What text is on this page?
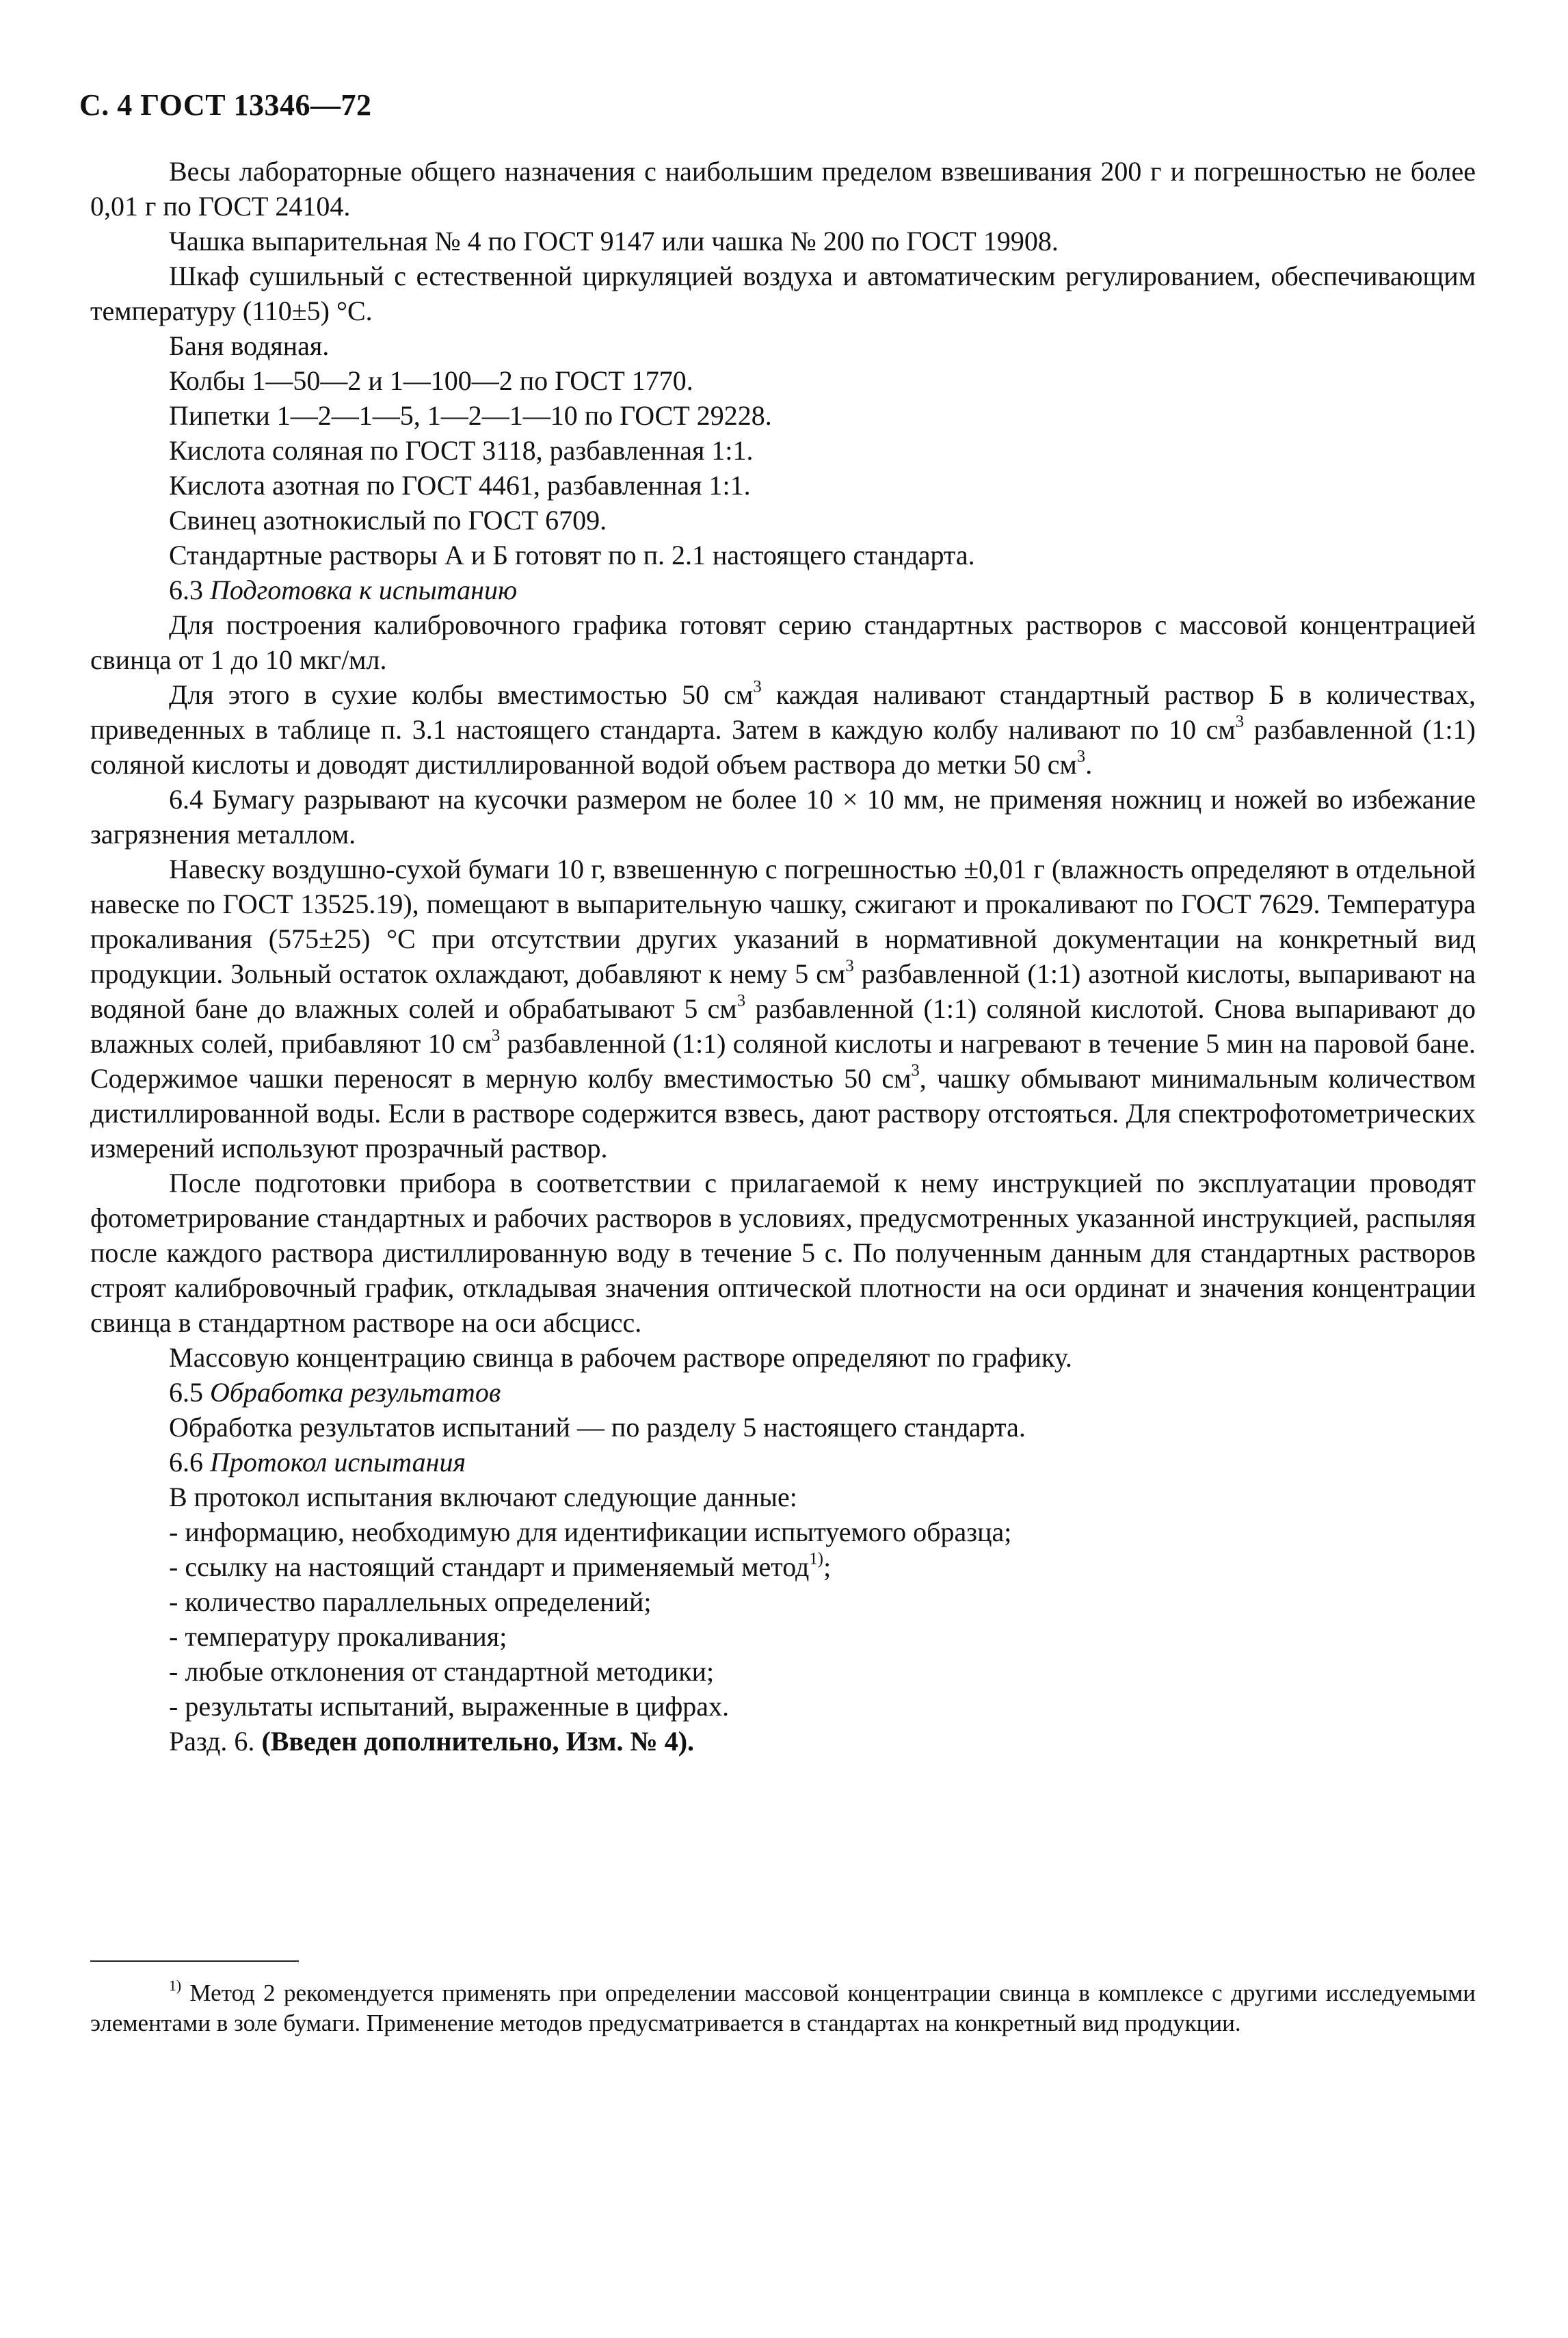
С. 4 ГОСТ 13346—72

Весы лабораторные общего назначения с наибольшим пределом взвешивания 200 г и погрешностью не более 0,01 г по ГОСТ 24104.

Чашка выпарительная № 4 по ГОСТ 9147 или чашка № 200 по ГОСТ 19908.

Шкаф сушильный с естественной циркуляцией воздуха и автоматическим регулированием, обеспечивающим температуру (110±5) °С.

Баня водяная.

Колбы 1—50—2 и 1—100—2 по ГОСТ 1770.

Пипетки 1—2—1—5, 1—2—1—10 по ГОСТ 29228.

Кислота соляная по ГОСТ 3118, разбавленная 1:1.

Кислота азотная по ГОСТ 4461, разбавленная 1:1.

Свинец азотнокислый по ГОСТ 6709.

Стандартные растворы А и Б готовят по п. 2.1 настоящего стандарта.

6.3 Подготовка к испытанию

Для построения калибровочного графика готовят серию стандартных растворов с массовой концентрацией свинца от 1 до 10 мкг/мл.

Для этого в сухие колбы вместимостью 50 $см^3$ каждая наливают стандартный раствор Б в количествах, приведенных в таблице п. 3.1 настоящего стандарта. Затем в каждую колбу наливают по 10 $см^3$ разбавленной (1:1) соляной кислоты и доводят дистиллированной водой объем раствора до метки 50 $см^3$.

6.4 Бумагу разрывают на кусочки размером не более 10 × 10 мм, не применяя ножниц и ножей во избежание загрязнения металлом.

Навеску воздушно-сухой бумаги 10 г, взвешенную с погрешностью ±0,01 г (влажность определяют в отдельной навеске по ГОСТ 13525.19), помещают в выпарительную чашку, сжигают и прокаливают по ГОСТ 7629. Температура прокаливания (575±25) °С при отсутствии других указаний в нормативной документации на конкретный вид продукции. Зольный остаток охлаждают, добавляют к нему 5 $см^3$ разбавленной (1:1) азотной кислоты, выпаривают на водяной бане до влажных солей и обрабатывают 5 $см^3$ разбавленной (1:1) соляной кислотой. Снова выпаривают до влажных солей, прибавляют 10 $см^3$ разбавленной (1:1) соляной кислоты и нагревают в течение 5 мин на паровой бане. Содержимое чашки переносят в мерную колбу вместимостью 50 $см^3$, чашку обмывают минимальным количеством дистиллированной воды. Если в растворе содержится взвесь, дают раствору отстояться. Для спектрофотометрических измерений используют прозрачный раствор.

После подготовки прибора в соответствии с прилагаемой к нему инструкцией по эксплуатации проводят фотометрирование стандартных и рабочих растворов в условиях, предусмотренных указанной инструкцией, распыляя после каждого раствора дистиллированную воду в течение 5 с. По полученным данным для стандартных растворов строят калибровочный график, откладывая значения оптической плотности на оси ординат и значения концентрации свинца в стандартном растворе на оси абсцисс.

Массовую концентрацию свинца в рабочем растворе определяют по графику.

6.5 Обработка результатов

Обработка результатов испытаний — по разделу 5 настоящего стандарта.

6.6 Протокол испытания

В протокол испытания включают следующие данные:

- информацию, необходимую для идентификации испытуемого образца;

- ссылку на настоящий стандарт и применяемый метод$^{1)}$;

- количество параллельных определений;

- температуру прокаливания;

- любые отклонения от стандартной методики;

- результаты испытаний, выраженные в цифрах.

Разд. 6. (Введен дополнительно, Изм. № 4).

$^{1)}$ Метод 2 рекомендуется применять при определении массовой концентрации свинца в комплексе с другими исследуемыми элементами в золе бумаги. Применение методов предусматривается в стандартах на конкретный вид продукции.
